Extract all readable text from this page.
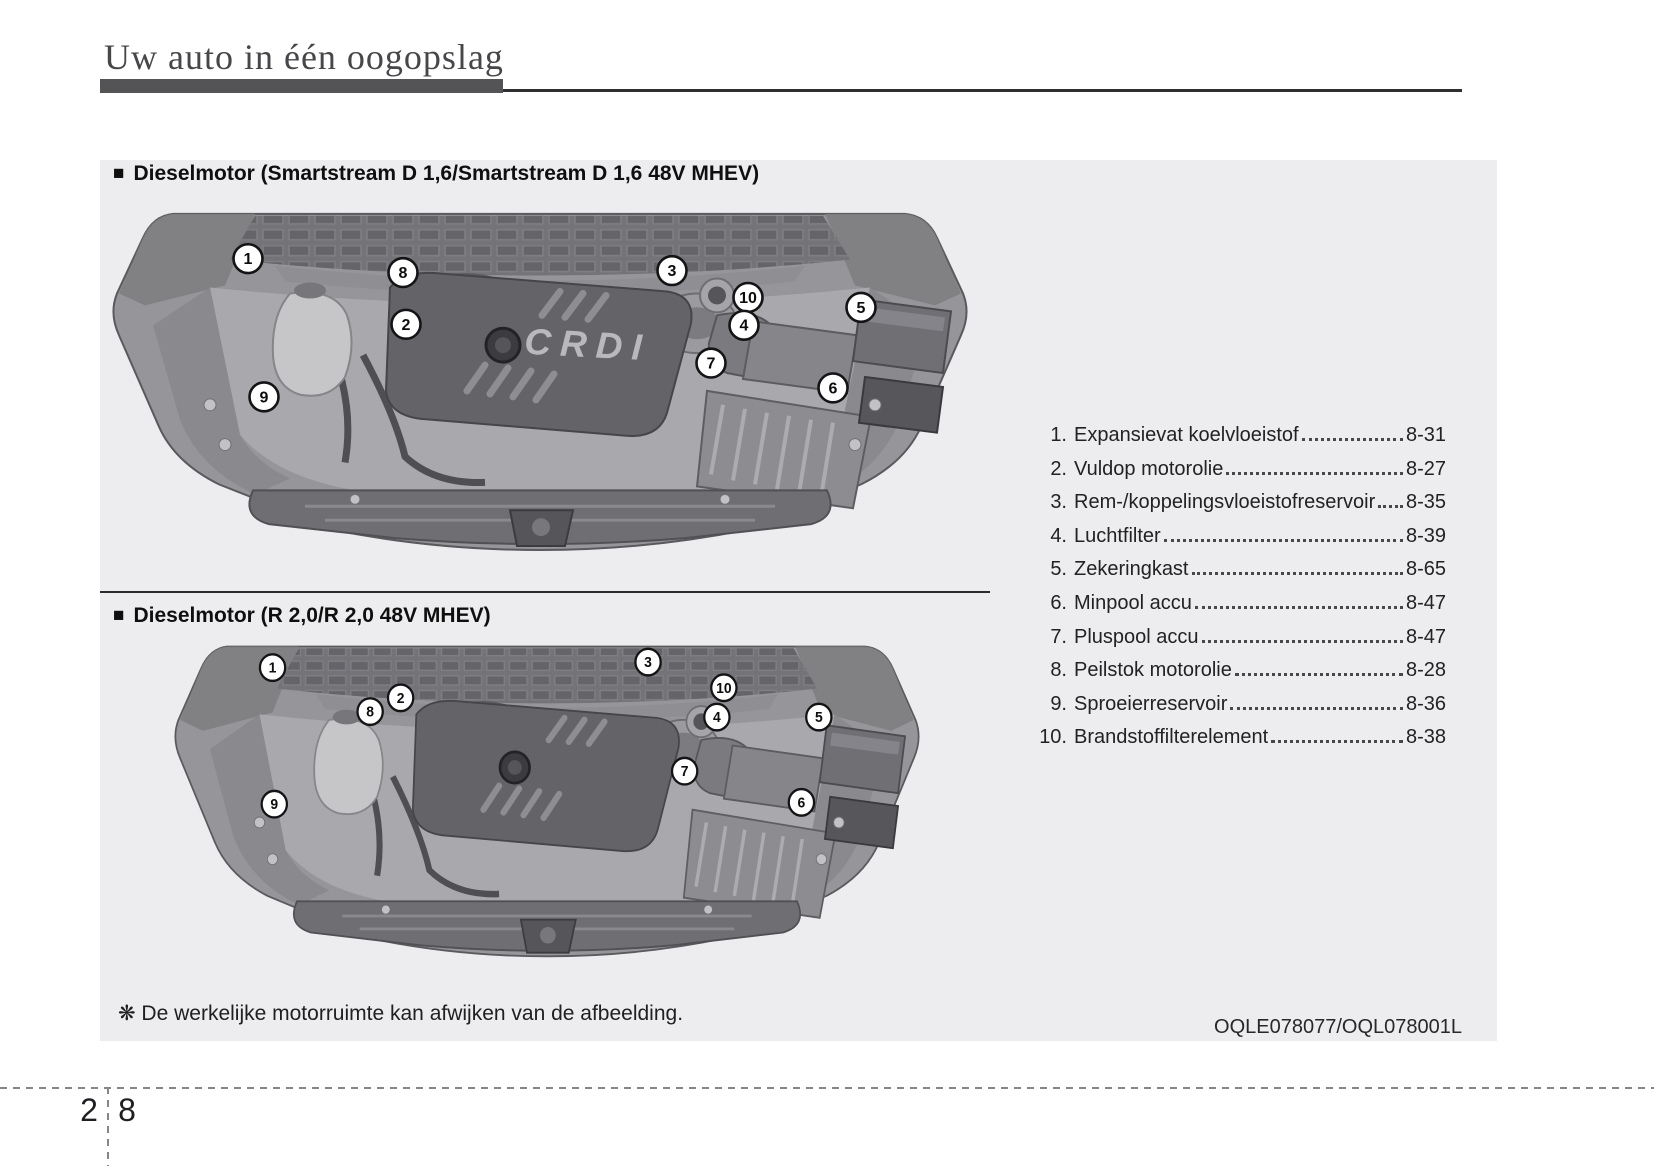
Uw auto in één oogopslag
■ Dieselmotor (Smartstream D 1,6/Smartstream D 1,6 48V MHEV)
CRDI
1
8
2
3
10
4
5
7
6
9
■ Dieselmotor (R 2,0/R 2,0 48V MHEV)
1	3
2
8
10
4	5
7
6
9
1. Expansievat koelvloeistof	8-31
2. Vuldop motorolie	8-27
3. Rem-/koppelingsvloeistofreservoir 8-35
4. Luchtfilter	8-39
5. Zekeringkast	8-65
6. Minpool accu	8-47
7. Pluspool accu	8-47
8. Peilstok motorolie	8-28
9. Sproeierreservoir	8-36
10. Brandstoffilterelement	8-38
❋ De werkelijke motorruimte kan afwijken van de afbeelding.
OQLE078077/OQL078001L
2 8
